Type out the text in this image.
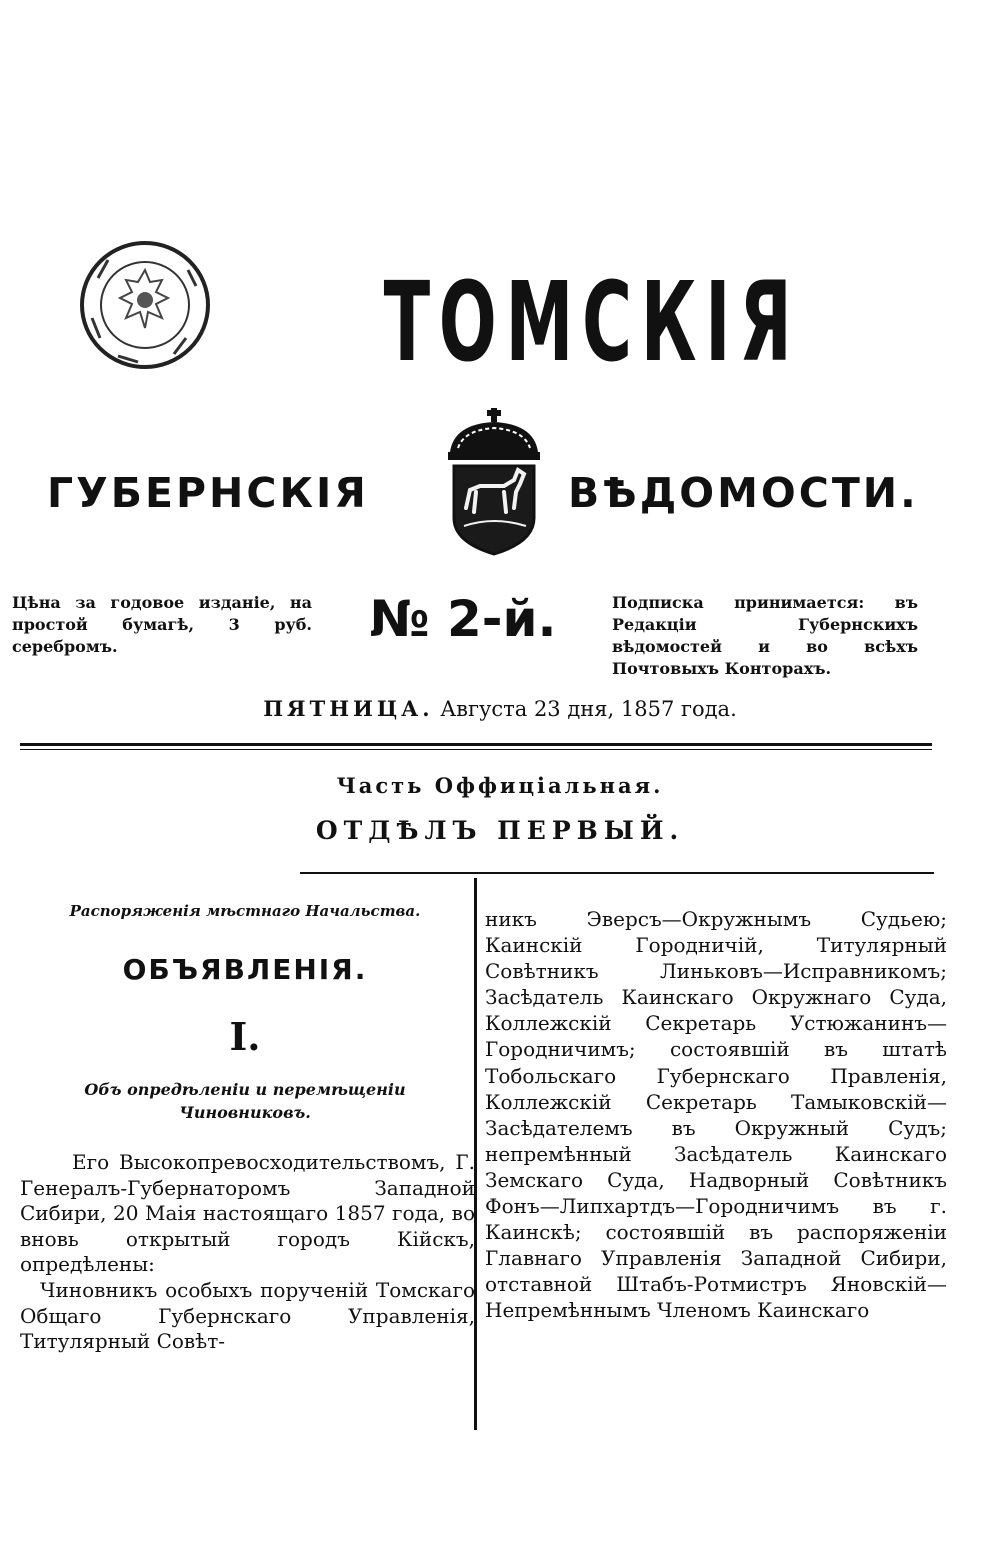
ТОМСКІЯ
ГУБЕРНСКІЯ	ВѢДОМОСТИ.
Цѣна за годовое изданіе, на простой бумагѣ, 3 руб. серебромъ.	№ 2-й.	Подписка принимается: въ Редакціи Губернскихъ вѣдомостей и во всѣхъ Почтовыхъ Конторахъ.
ПЯТНИЦА. Августа 23 дня, 1857 года.
Часть Оффиціальная.
ОТДѢЛЪ ПЕРВЫЙ.
Распоряженія мѣстнаго Начальства.
ОБЪЯВЛЕНІЯ.
I.
Объ опредѣленіи и перемѣщеніи Чиновниковъ.

Его Высокопревосходительствомъ, Г. Генералъ-Губернаторомъ Западной Сибири, 20 Маія настоящаго 1857 года, во вновь открытый городъ Кійскъ, опредѣлены:

Чиновникъ особыхъ порученій Томскаго Общаго Губернскаго Управленія, Титулярный Совѣт-

никъ Эверсъ—Окружнымъ Судьею; Каинскій Городничій, Титулярный Совѣтникъ Линьковъ—Исправникомъ; Засѣдатель Каинскаго Окружнаго Суда, Коллежскій Секретарь Устюжанинъ—Городничимъ; состоявшій въ штатѣ Тобольскаго Губернскаго Правленія, Коллежскій Секретарь Тамыковскій—Засѣдателемъ въ Окружный Судъ; непремѣнный Засѣдатель Каинскаго Земскаго Суда, Надворный Совѣтникъ Фонъ—Липхартдъ—Городничимъ въ г. Каинскѣ; состоявшій въ распоряженіи Главнаго Управленія Западной Сибири, отставной Штабъ-Ротмистръ Яновскій—Непремѣннымъ Членомъ Каинскаго
